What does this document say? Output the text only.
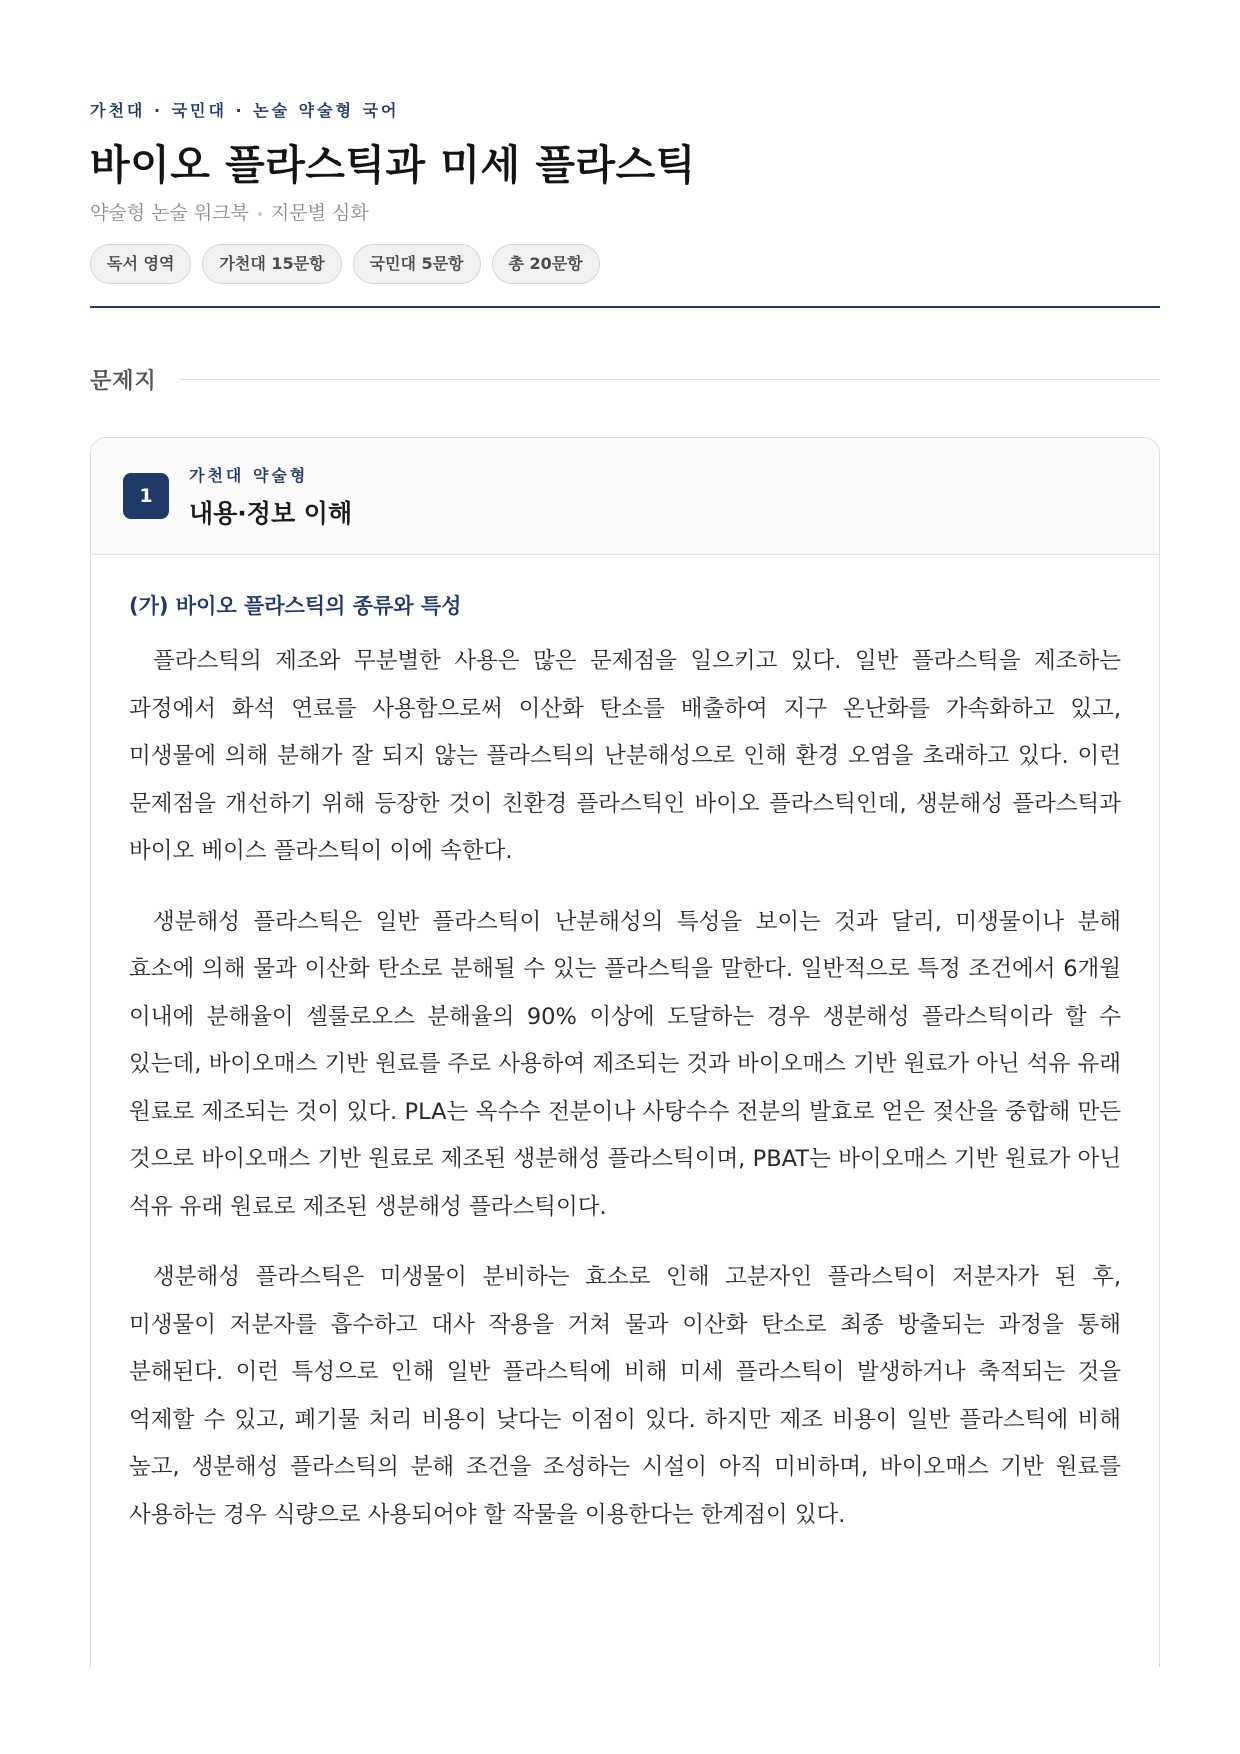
가천대 · 국민대 · 논술 약술형 국어
바이오 플라스틱과 미세 플라스틱
약술형 논술 워크북 지문별 심화
독서 영역	가천대 15문항	국민대 5문항	총 20문항
문제지
1
가천대 약술형
내용·정보 이해
(가) 바이오 플라스틱의 종류와 특성

플라스틱의 제조와 무분별한 사용은 많은 문제점을 일으키고 있다. 일반 플라스틱을 제조하는 과정에서 화석 연료를 사용함으로써 이산화 탄소를 배출하여 지구 온난화를 가속화하고 있고, 미생물에 의해 분해가 잘 되지 않는 플라스틱의 난분해성으로 인해 환경 오염을 초래하고 있다. 이런 문제점을 개선하기 위해 등장한 것이 친환경 플라스틱인 바이오 플라스틱인데, 생분해성 플라스틱과 바이오 베이스 플라스틱이 이에 속한다.

생분해성 플라스틱은 일반 플라스틱이 난분해성의 특성을 보이는 것과 달리, 미생물이나 분해 효소에 의해 물과 이산화 탄소로 분해될 수 있는 플라스틱을 말한다. 일반적으로 특정 조건에서 6개월 이내에 분해율이 셀룰로오스 분해율의 90% 이상에 도달하는 경우 생분해성 플라스틱이라 할 수 있는데, 바이오매스 기반 원료를 주로 사용하여 제조되는 것과 바이오매스 기반 원료가 아닌 석유 유래 원료로 제조되는 것이 있다. PLA는 옥수수 전분이나 사탕수수 전분의 발효로 얻은 젖산을 중합해 만든 것으로 바이오매스 기반 원료로 제조된 생분해성 플라스틱이며, PBAT는 바이오매스 기반 원료가 아닌 석유 유래 원료로 제조된 생분해성 플라스틱이다.

생분해성 플라스틱은 미생물이 분비하는 효소로 인해 고분자인 플라스틱이 저분자가 된 후, 미생물이 저분자를 흡수하고 대사 작용을 거쳐 물과 이산화 탄소로 최종 방출되는 과정을 통해 분해된다. 이런 특성으로 인해 일반 플라스틱에 비해 미세 플라스틱이 발생하거나 축적되는 것을 억제할 수 있고, 폐기물 처리 비용이 낮다는 이점이 있다. 하지만 제조 비용이 일반 플라스틱에 비해 높고, 생분해성 플라스틱의 분해 조건을 조성하는 시설이 아직 미비하며, 바이오매스 기반 원료를 사용하는 경우 식량으로 사용되어야 할 작물을 이용한다는 한계점이 있다.
